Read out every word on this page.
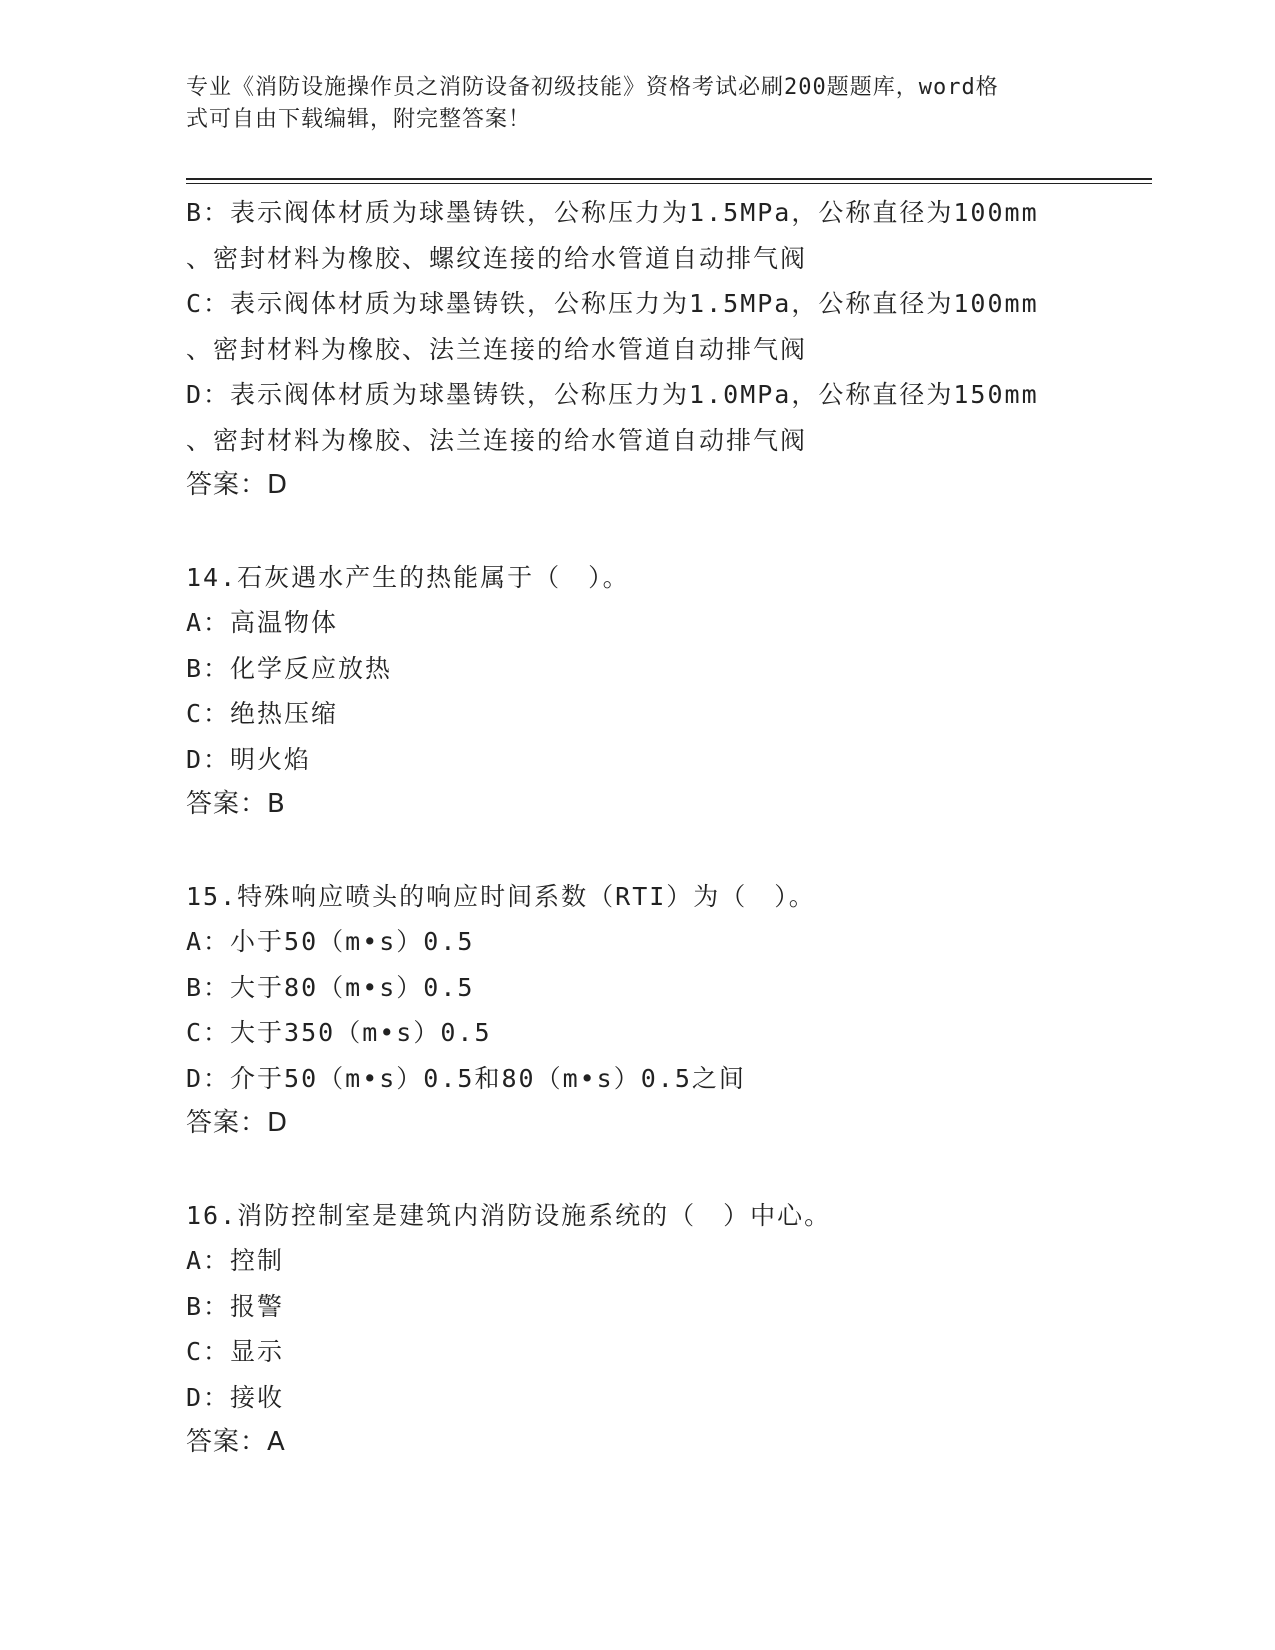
专业《消防设施操作员之消防设备初级技能》资格考试必刷200题题库，word格
式可自由下载编辑，附完整答案！
B：表示阀体材质为球墨铸铁，公称压力为1.5MPa，公称直径为100mm
、密封材料为橡胶、螺纹连接的给水管道自动排气阀
C：表示阀体材质为球墨铸铁，公称压力为1.5MPa，公称直径为100mm
、密封材料为橡胶、法兰连接的给水管道自动排气阀
D：表示阀体材质为球墨铸铁，公称压力为1.0MPa，公称直径为150mm
、密封材料为橡胶、法兰连接的给水管道自动排气阀
答案：D
14.石灰遇水产生的热能属于（　）。
A：高温物体
B：化学反应放热
C：绝热压缩
D：明火焰
答案：B
15.特殊响应喷头的响应时间系数（RTI）为（　）。
A：小于50（m•s）0.5
B：大于80（m•s）0.5
C：大于350（m•s）0.5
D：介于50（m•s）0.5和80（m•s）0.5之间
答案：D
16.消防控制室是建筑内消防设施系统的（　）中心。
A：控制
B：报警
C：显示
D：接收
答案：A
